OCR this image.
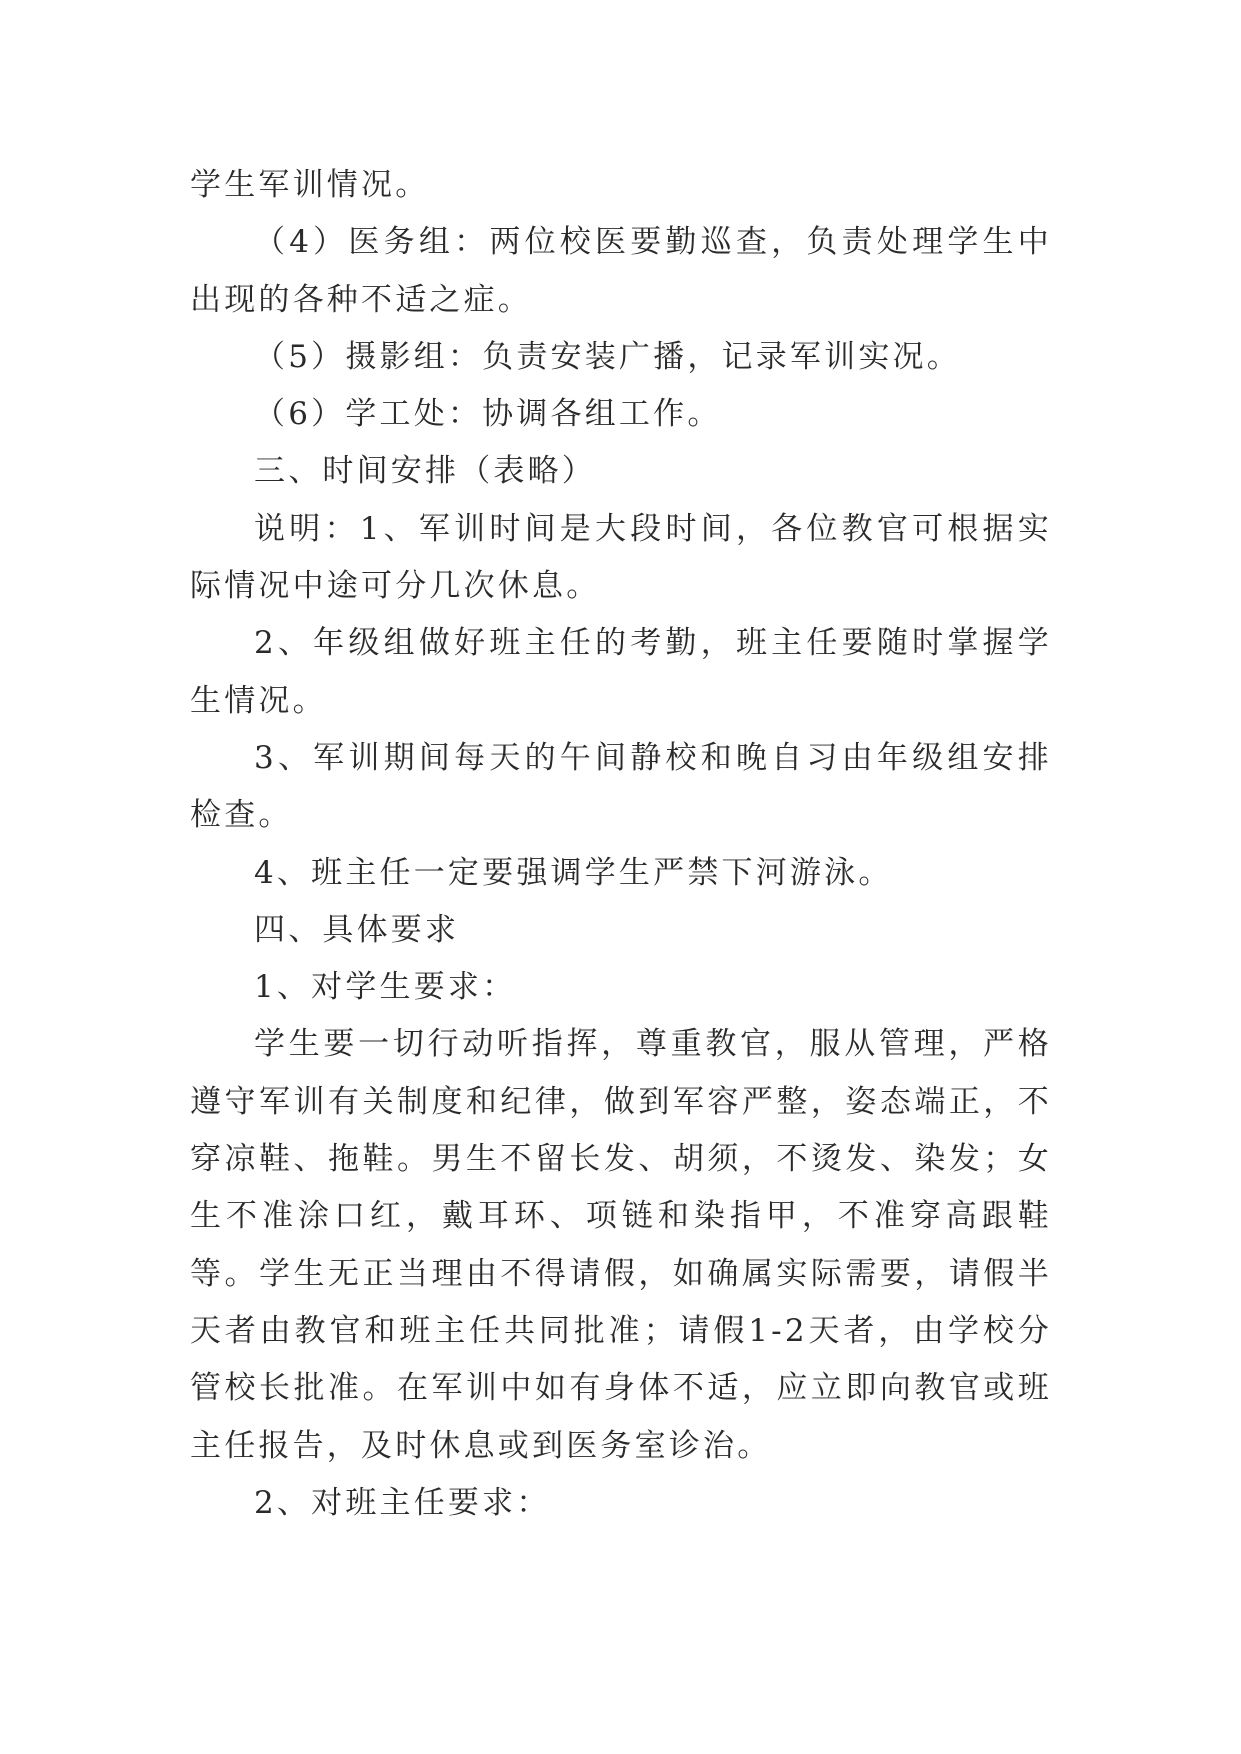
学生军训情况。

（4）医务组：两位校医要勤巡查，负责处理学生中出现的各种不适之症。

（5）摄影组：负责安装广播，记录军训实况。

（6）学工处：协调各组工作。

三、时间安排（表略）

说明：1、军训时间是大段时间，各位教官可根据实际情况中途可分几次休息。

2、年级组做好班主任的考勤，班主任要随时掌握学生情况。

3、军训期间每天的午间静校和晚自习由年级组安排检查。

4、班主任一定要强调学生严禁下河游泳。

四、具体要求

1、对学生要求：

学生要一切行动听指挥，尊重教官，服从管理，严格遵守军训有关制度和纪律，做到军容严整，姿态端正，不穿凉鞋、拖鞋。男生不留长发、胡须，不烫发、染发；女生不准涂口红，戴耳环、项链和染指甲，不准穿高跟鞋等。学生无正当理由不得请假，如确属实际需要，请假半天者由教官和班主任共同批准；请假1-2天者，由学校分管校长批准。在军训中如有身体不适，应立即向教官或班主任报告，及时休息或到医务室诊治。

2、对班主任要求：
